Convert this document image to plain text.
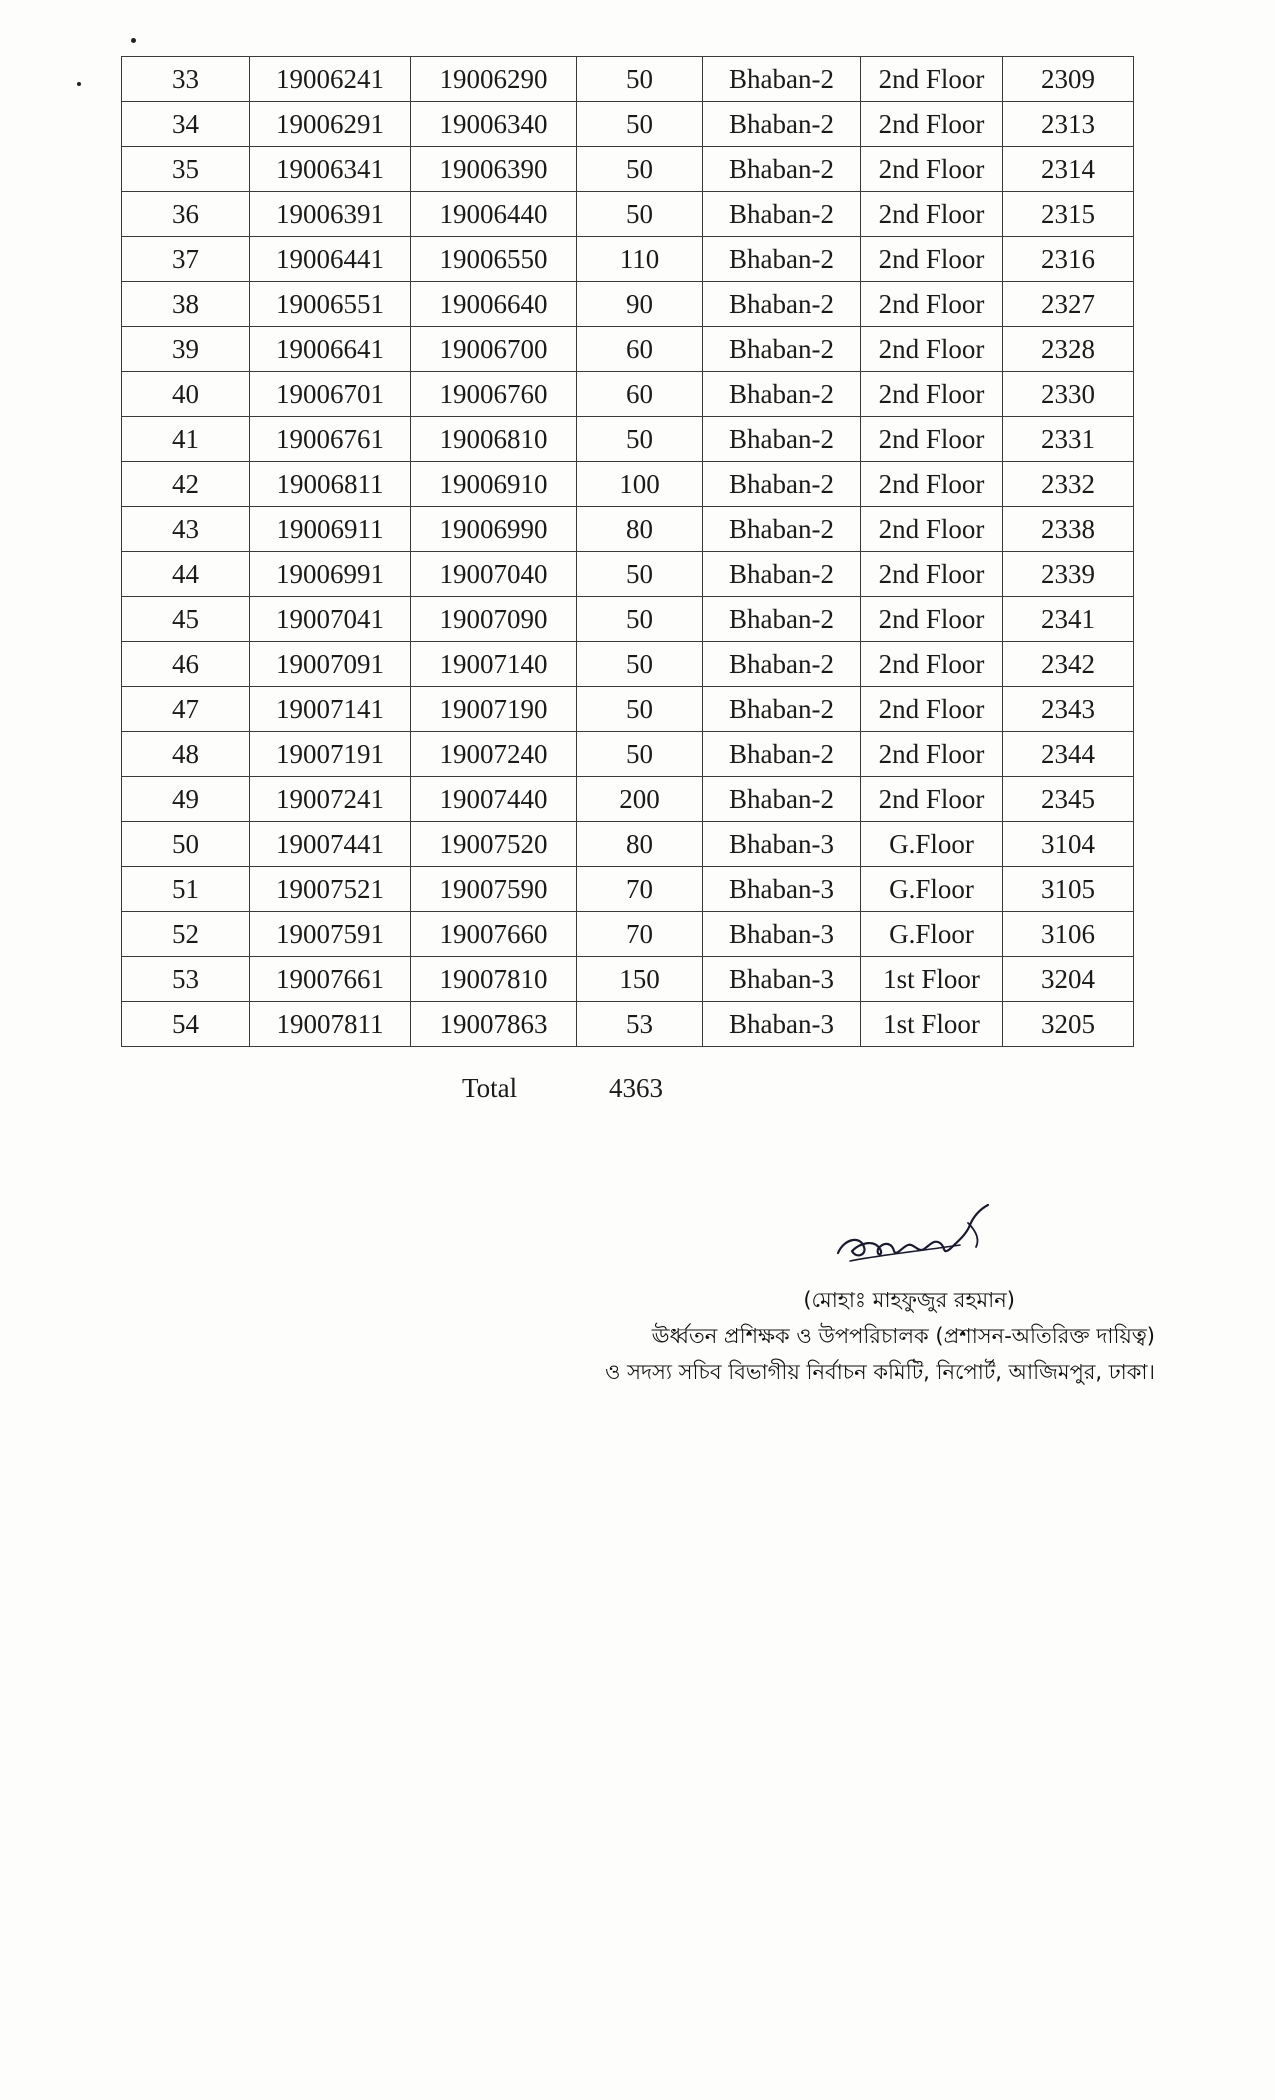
33	19006241	19006290	50	Bhaban-2	2nd Floor	2309
34	19006291	19006340	50	Bhaban-2	2nd Floor	2313
35	19006341	19006390	50	Bhaban-2	2nd Floor	2314
36	19006391	19006440	50	Bhaban-2	2nd Floor	2315
37	19006441	19006550	110	Bhaban-2	2nd Floor	2316
38	19006551	19006640	90	Bhaban-2	2nd Floor	2327
39	19006641	19006700	60	Bhaban-2	2nd Floor	2328
40	19006701	19006760	60	Bhaban-2	2nd Floor	2330
41	19006761	19006810	50	Bhaban-2	2nd Floor	2331
42	19006811	19006910	100	Bhaban-2	2nd Floor	2332
43	19006911	19006990	80	Bhaban-2	2nd Floor	2338
44	19006991	19007040	50	Bhaban-2	2nd Floor	2339
45	19007041	19007090	50	Bhaban-2	2nd Floor	2341
46	19007091	19007140	50	Bhaban-2	2nd Floor	2342
47	19007141	19007190	50	Bhaban-2	2nd Floor	2343
48	19007191	19007240	50	Bhaban-2	2nd Floor	2344
49	19007241	19007440	200	Bhaban-2	2nd Floor	2345
50	19007441	19007520	80	Bhaban-3	G.Floor	3104
51	19007521	19007590	70	Bhaban-3	G.Floor	3105
52	19007591	19007660	70	Bhaban-3	G.Floor	3106
53	19007661	19007810	150	Bhaban-3	1st Floor	3204
54	19007811	19007863	53	Bhaban-3	1st Floor	3205
Total	4363
(মোহাঃ মাহফুজুর রহমান)
ঊর্ধ্বতন প্রশিক্ষক ও উপপরিচালক (প্রশাসন-অতিরিক্ত দায়িত্ব)
ও সদস্য সচিব বিভাগীয় নির্বাচন কমিটি, নিপোর্ট, আজিমপুর, ঢাকা।
